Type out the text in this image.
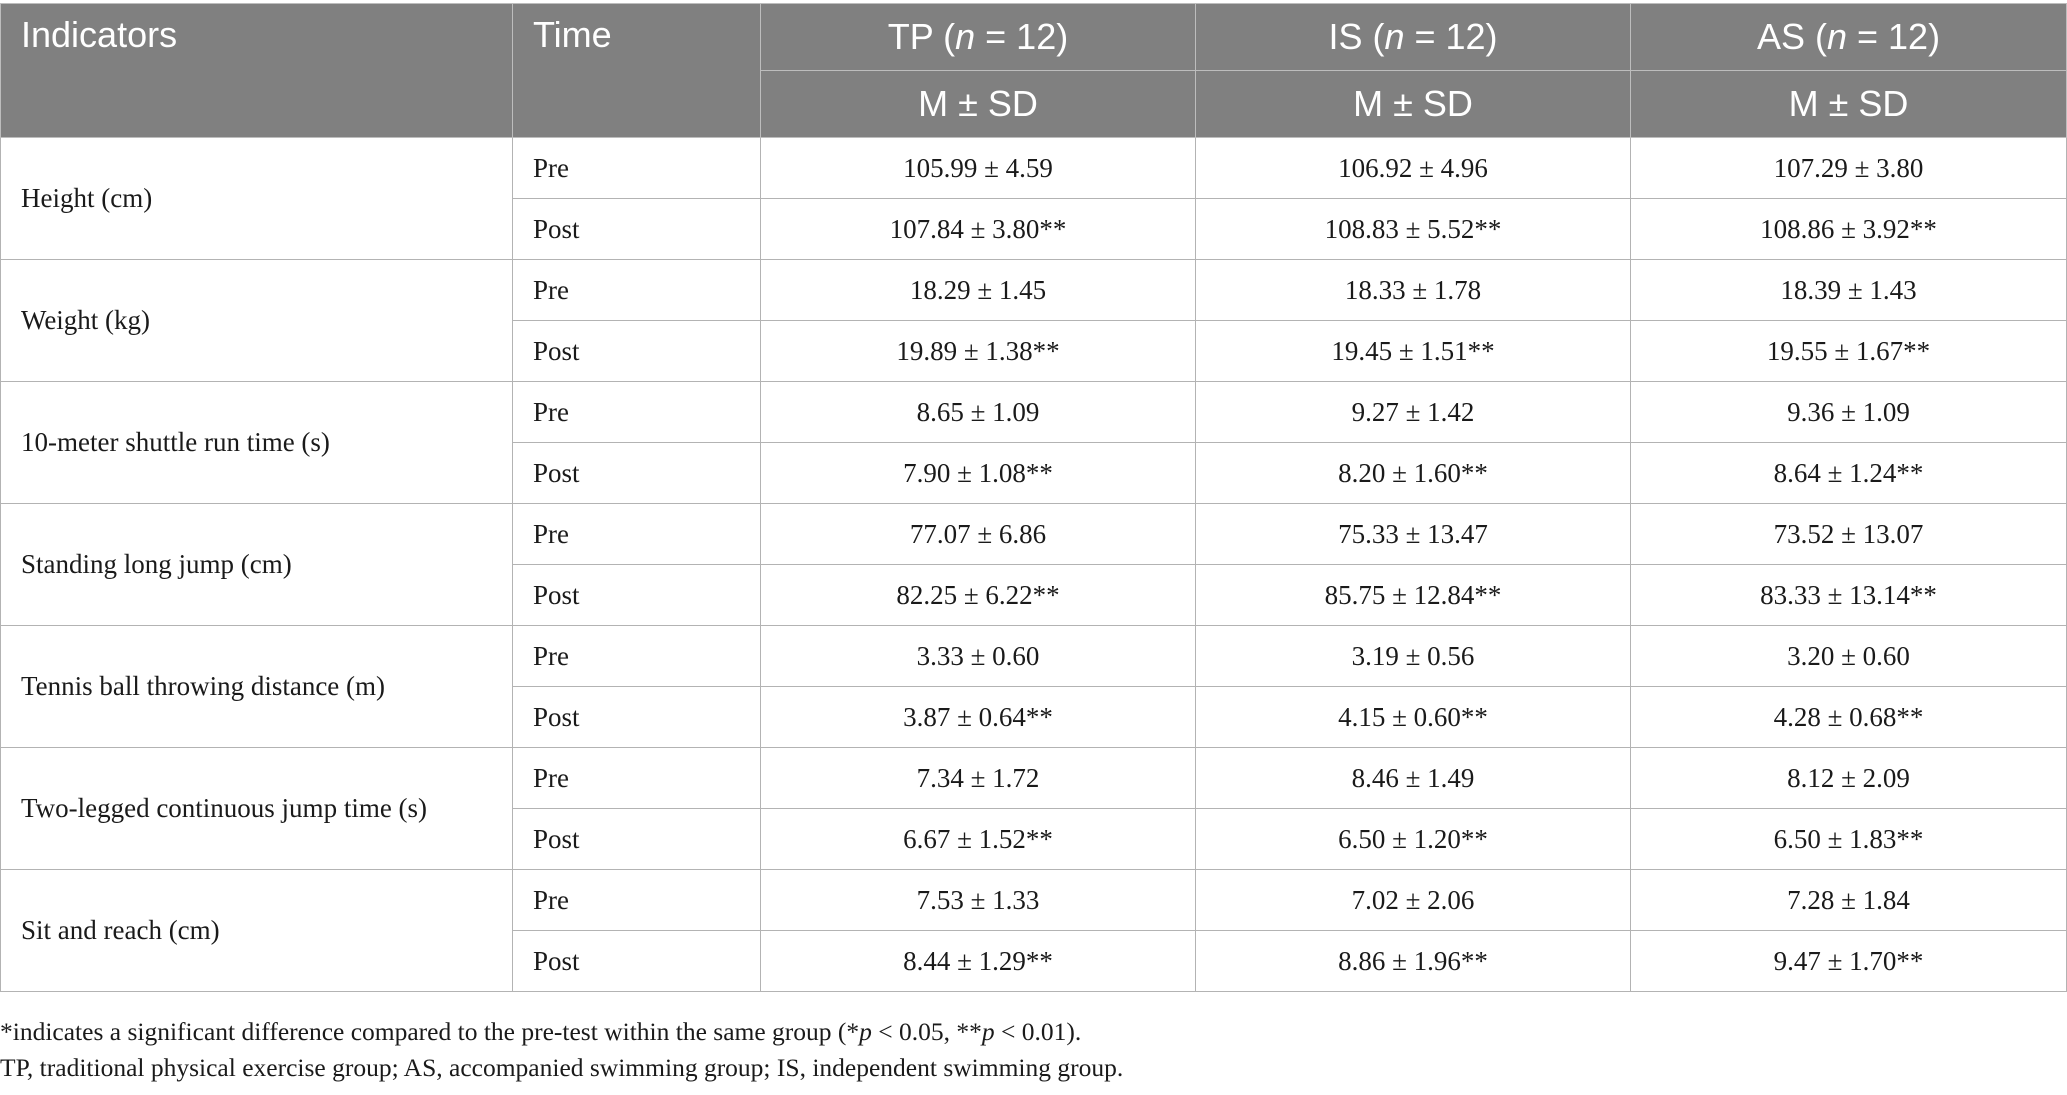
Indicators	Time	TP (n = 12)	IS (n = 12)	AS (n = 12)
		M ± SD	M ± SD	M ± SD
Height (cm)	Pre	105.99 ± 4.59	106.92 ± 4.96	107.29 ± 3.80
	Post	107.84 ± 3.80**	108.83 ± 5.52**	108.86 ± 3.92**
Weight (kg)	Pre	18.29 ± 1.45	18.33 ± 1.78	18.39 ± 1.43
	Post	19.89 ± 1.38**	19.45 ± 1.51**	19.55 ± 1.67**
10-meter shuttle run time (s)	Pre	8.65 ± 1.09	9.27 ± 1.42	9.36 ± 1.09
	Post	7.90 ± 1.08**	8.20 ± 1.60**	8.64 ± 1.24**
Standing long jump (cm)	Pre	77.07 ± 6.86	75.33 ± 13.47	73.52 ± 13.07
	Post	82.25 ± 6.22**	85.75 ± 12.84**	83.33 ± 13.14**
Tennis ball throwing distance (m)	Pre	3.33 ± 0.60	3.19 ± 0.56	3.20 ± 0.60
	Post	3.87 ± 0.64**	4.15 ± 0.60**	4.28 ± 0.68**
Two-legged continuous jump time (s)	Pre	7.34 ± 1.72	8.46 ± 1.49	8.12 ± 2.09
	Post	6.67 ± 1.52**	6.50 ± 1.20**	6.50 ± 1.83**
Sit and reach (cm)	Pre	7.53 ± 1.33	7.02 ± 2.06	7.28 ± 1.84
	Post	8.44 ± 1.29**	8.86 ± 1.96**	9.47 ± 1.70**
*indicates a significant difference compared to the pre-test within the same group (*p < 0.05, **p < 0.01).
TP, traditional physical exercise group; AS, accompanied swimming group; IS, independent swimming group.
